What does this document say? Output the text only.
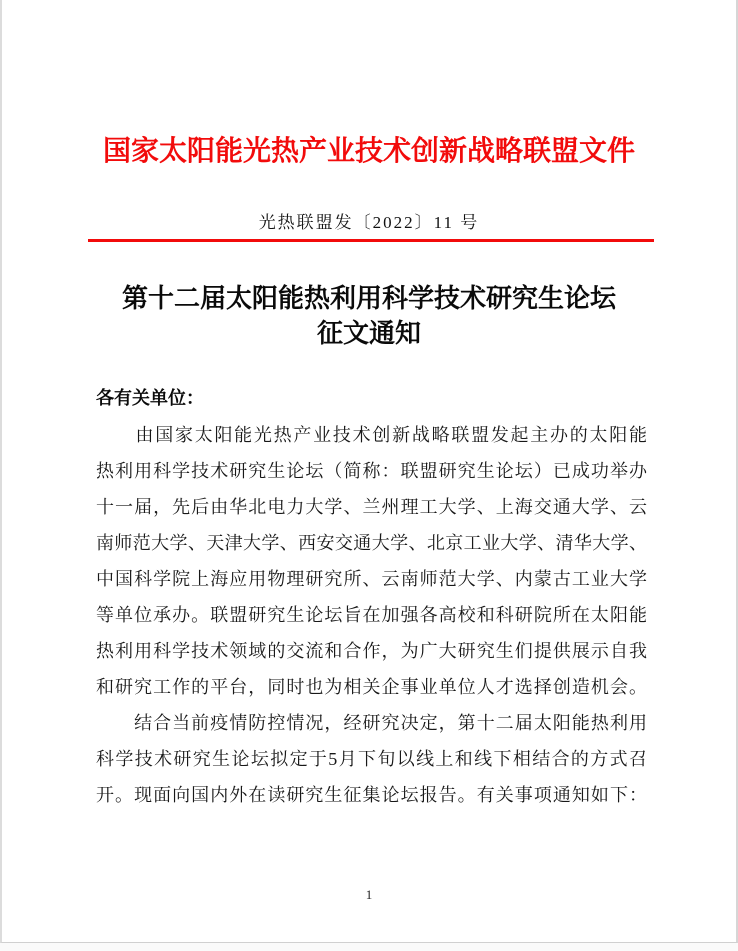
国家太阳能光热产业技术创新战略联盟文件
光热联盟发〔2022〕11 号
第十二届太阳能热利用科学技术研究生论坛
征文通知
各有关单位：
　　由国家太阳能光热产业技术创新战略联盟发起主办的太阳能
热利用科学技术研究生论坛（简称：联盟研究生论坛）已成功举办
十一届，先后由华北电力大学、兰州理工大学、上海交通大学、云
南师范大学、天津大学、西安交通大学、北京工业大学、清华大学、
中国科学院上海应用物理研究所、云南师范大学、内蒙古工业大学
等单位承办。联盟研究生论坛旨在加强各高校和科研院所在太阳能
热利用科学技术领域的交流和合作，为广大研究生们提供展示自我
和研究工作的平台，同时也为相关企事业单位人才选择创造机会。
　　结合当前疫情防控情况，经研究决定，第十二届太阳能热利用
科学技术研究生论坛拟定于5月下旬以线上和线下相结合的方式召
开。现面向国内外在读研究生征集论坛报告。有关事项通知如下：
1
